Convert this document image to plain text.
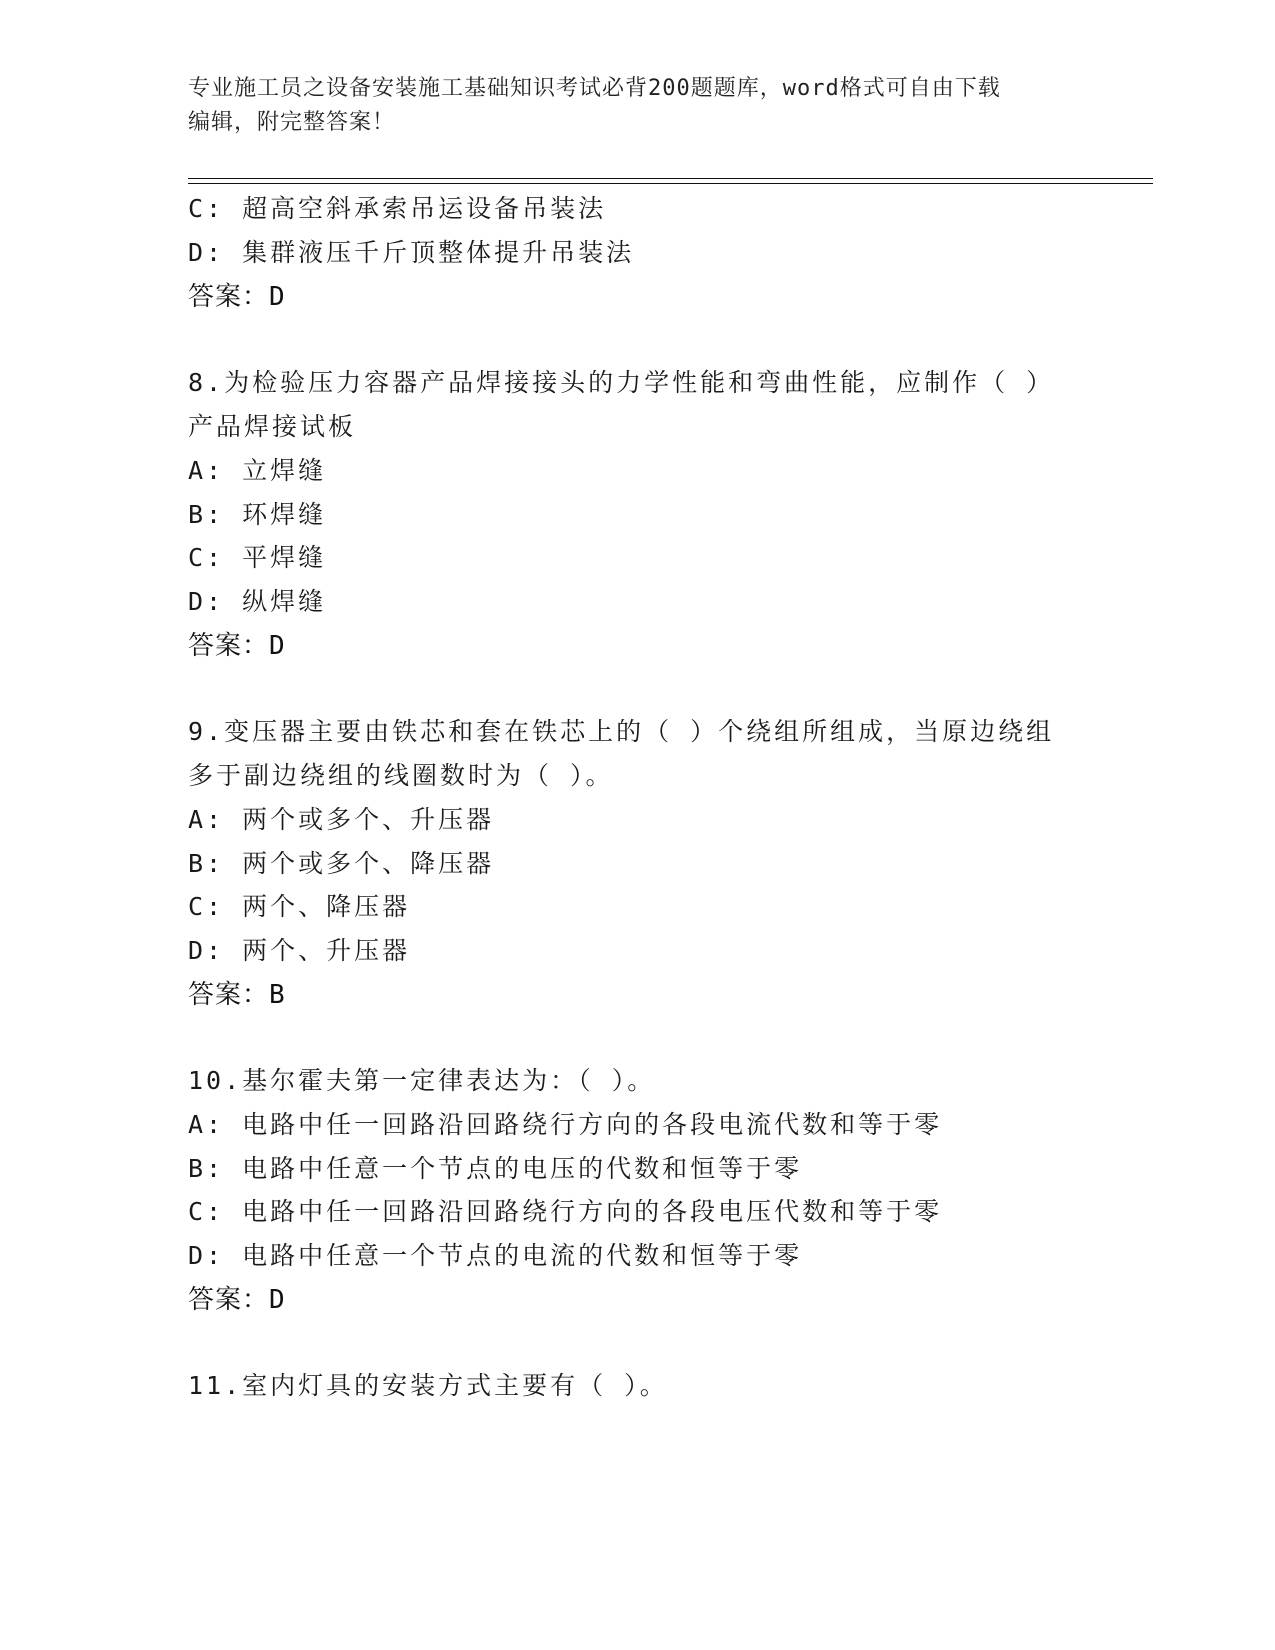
专业施工员之设备安装施工基础知识考试必背200题题库，word格式可自由下载
编辑，附完整答案！
C: 超高空斜承索吊运设备吊装法
D: 集群液压千斤顶整体提升吊装法
答案：D
8.为检验压力容器产品焊接接头的力学性能和弯曲性能，应制作（ ）
产品焊接试板
A: 立焊缝
B: 环焊缝
C: 平焊缝
D: 纵焊缝
答案：D
9.变压器主要由铁芯和套在铁芯上的（ ）个绕组所组成，当原边绕组
多于副边绕组的线圈数时为（ ）。
A: 两个或多个、升压器
B: 两个或多个、降压器
C: 两个、降压器
D: 两个、升压器
答案：B
10.基尔霍夫第一定律表达为：（ ）。
A: 电路中任一回路沿回路绕行方向的各段电流代数和等于零
B: 电路中任意一个节点的电压的代数和恒等于零
C: 电路中任一回路沿回路绕行方向的各段电压代数和等于零
D: 电路中任意一个节点的电流的代数和恒等于零
答案：D
11.室内灯具的安装方式主要有（ ）。
